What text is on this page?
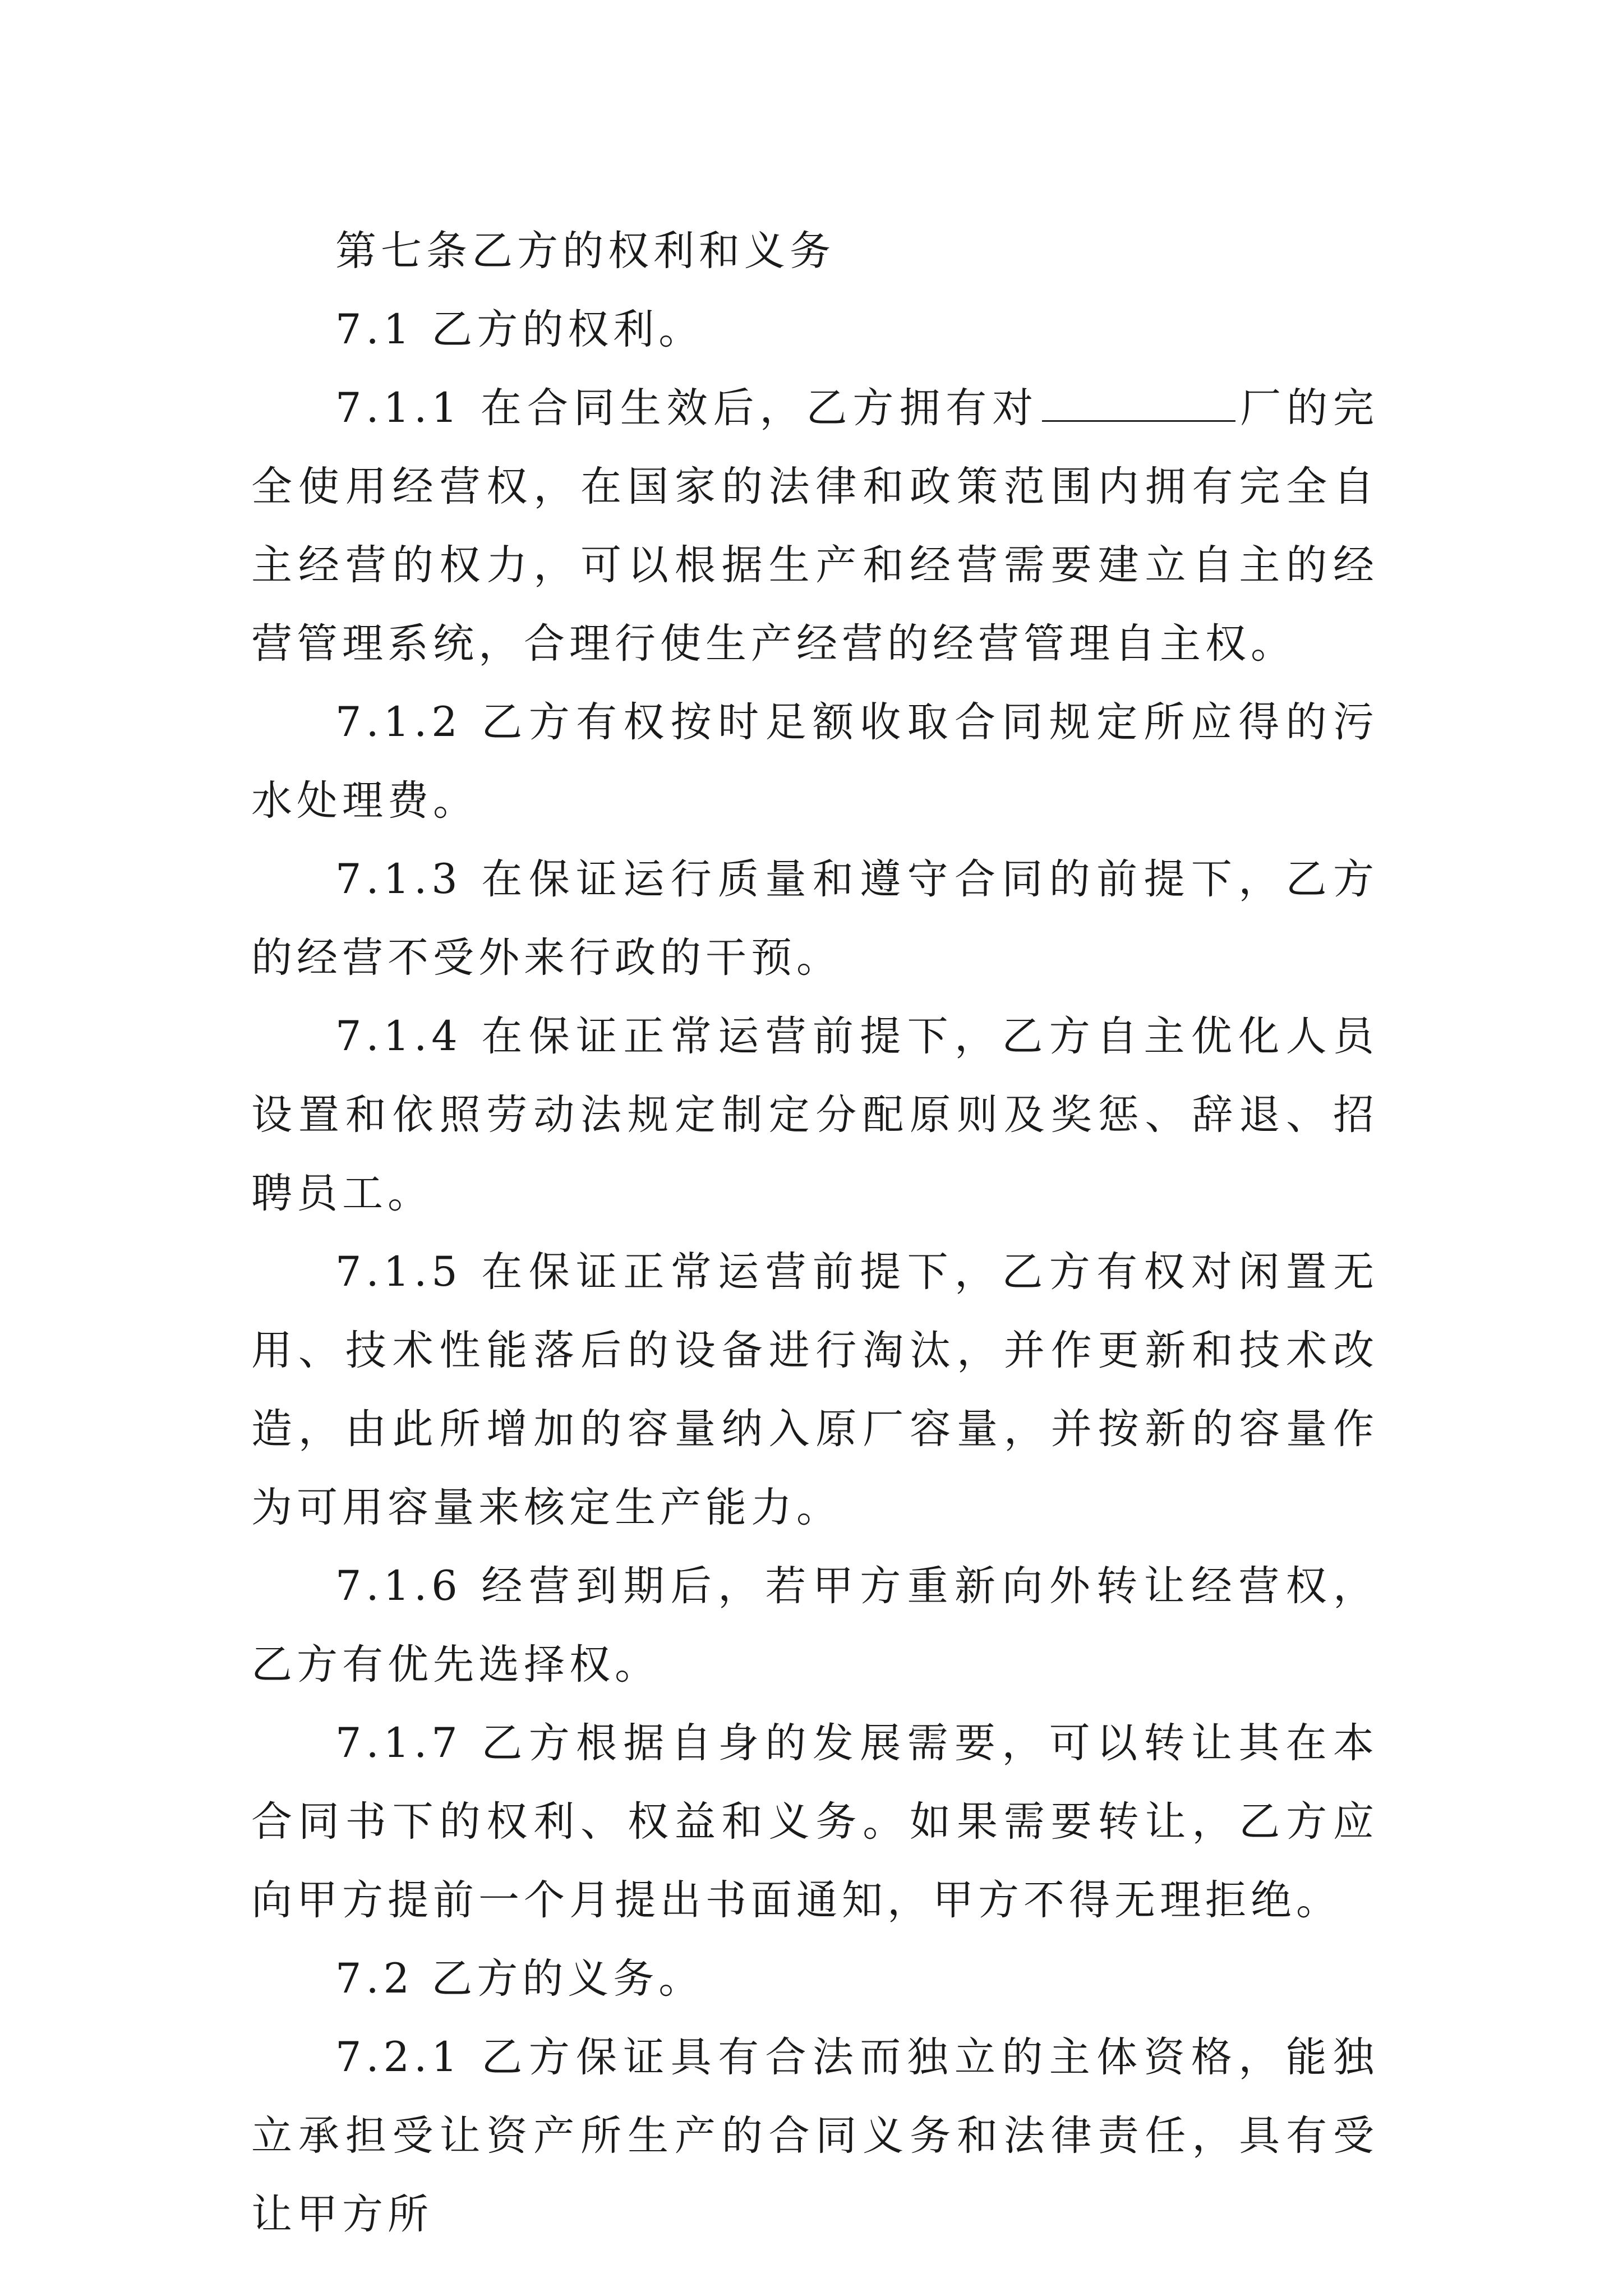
第七条乙方的权利和义务

7.1 乙方的权利。

7.1.1 在合同生效后，乙方拥有对	厂的完全使用经营权，在国家的法律和政策范围内拥有完全自主经营的权力，可以根据生产和经营需要建立自主的经营管理系统，合理行使生产经营的经营管理自主权。

7.1.2 乙方有权按时足额收取合同规定所应得的污水处理费。

7.1.3 在保证运行质量和遵守合同的前提下，乙方的经营不受外来行政的干预。

7.1.4 在保证正常运营前提下，乙方自主优化人员设置和依照劳动法规定制定分配原则及奖惩、辞退、招聘员工。

7.1.5 在保证正常运营前提下，乙方有权对闲置无用、技术性能落后的设备进行淘汰，并作更新和技术改造，由此所增加的容量纳入原厂容量，并按新的容量作为可用容量来核定生产能力。

7.1.6 经营到期后，若甲方重新向外转让经营权，乙方有优先选择权。

7.1.7 乙方根据自身的发展需要，可以转让其在本合同书下的权利、权益和义务。如果需要转让，乙方应向甲方提前一个月提出书面通知，甲方不得无理拒绝。

7.2 乙方的义务。

7.2.1 乙方保证具有合法而独立的主体资格，能独立承担受让资产所生产的合同义务和法律责任，具有受让甲方所
